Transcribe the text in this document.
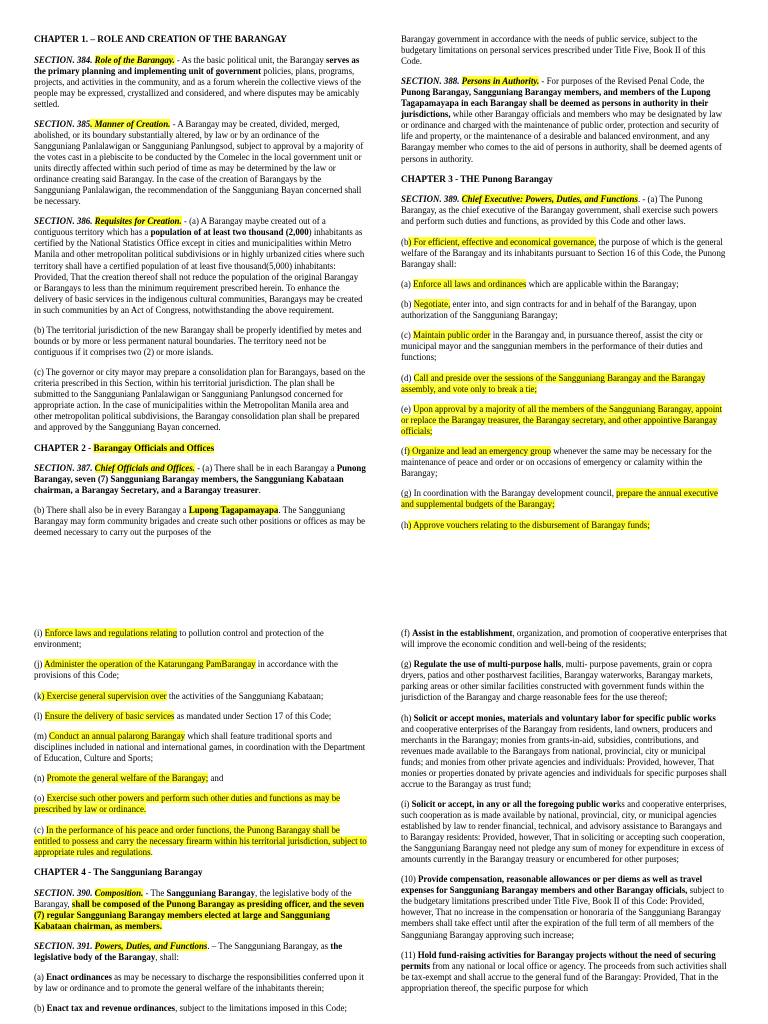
CHAPTER 1. – ROLE AND CREATION OF THE BARANGAY
SECTION. 384. Role of the Barangay. - As the basic political unit, the Barangay serves as the primary planning and implementing unit of government policies, plans, programs, projects, and activities in the community, and as a forum wherein the collective views of the people may be expressed, crystallized and considered, and where disputes may be amicably settled.
SECTION. 385. Manner of Creation. - A Barangay may be created, divided, merged, abolished, or its boundary substantially altered, by law or by an ordinance of the Sangguniang Panlalawigan or Sangguniang Panlungsod, subject to approval by a majority of the votes cast in a plebiscite to be conducted by the Comelec in the local government unit or units directly affected within such period of time as may be determined by the law or ordinance creating said Barangay. In the case of the creation of Barangays by the Sangguniang Panlalawigan, the recommendation of the Sangguniang Bayan concerned shall be necessary.
SECTION. 386. Requisites for Creation. - (a) A Barangay maybe created out of a contiguous territory which has a population of at least two thousand (2,000) inhabitants as certified by the National Statistics Office except in cities and municipalities within Metro Manila and other metropolitan political subdivisions or in highly urbanized cities where such territory shall have a certified population of at least five thousand(5,000) inhabitants: Provided, That the creation thereof shall not reduce the population of the original Barangay or Barangays to less than the minimum requirement prescribed herein. To enhance the delivery of basic services in the indigenous cultural communities, Barangays may be created in such communities by an Act of Congress, notwithstanding the above requirement.
(b) The territorial jurisdiction of the new Barangay shall be properly identified by metes and bounds or by more or less permanent natural boundaries. The territory need not be contiguous if it comprises two (2) or more islands.
(c) The governor or city mayor may prepare a consolidation plan for Barangays, based on the criteria prescribed in this Section, within his territorial jurisdiction. The plan shall be submitted to the Sangguniang Panlalawigan or Sangguniang Panlungsod concerned for appropriate action. In the case of municipalities within the Metropolitan Manila area and other metropolitan political subdivisions, the Barangay consolidation plan shall be prepared and approved by the Sangguniang Bayan concerned.
CHAPTER 2 - Barangay Officials and Offices
SECTION. 387. Chief Officials and Offices. - (a) There shall be in each Barangay a Punong Barangay, seven (7) Sangguniang Barangay members, the Sangguniang Kabataan chairman, a Barangay Secretary, and a Barangay treasurer.
(b) There shall also be in every Barangay a Lupong Tagapamayapa. The Sangguniang Barangay may form community brigades and create such other positions or offices as may be deemed necessary to carry out the purposes of the
Barangay government in accordance with the needs of public service, subject to the budgetary limitations on personal services prescribed under Title Five, Book II of this Code.
SECTION. 388. Persons in Authority. - For purposes of the Revised Penal Code, the Punong Barangay, Sangguniang Barangay members, and members of the Lupong Tagapamayapa in each Barangay shall be deemed as persons in authority in their jurisdictions, while other Barangay officials and members who may be designated by law or ordinance and charged with the maintenance of public order, protection and security of life and property, or the maintenance of a desirable and balanced environment, and any Barangay member who comes to the aid of persons in authority, shall be deemed agents of persons in authority.
CHAPTER 3 - THE Punong Barangay
SECTION. 389. Chief Executive: Powers, Duties, and Functions. - (a) The Punong Barangay, as the chief executive of the Barangay government, shall exercise such powers and perform such duties and functions, as provided by this Code and other laws.
(b) For efficient, effective and economical governance, the purpose of which is the general welfare of the Barangay and its inhabitants pursuant to Section 16 of this Code, the Punong Barangay shall:
(a) Enforce all laws and ordinances which are applicable within the Barangay;
(b) Negotiate, enter into, and sign contracts for and in behalf of the Barangay, upon authorization of the Sangguniang Barangay;
(c) Maintain public order in the Barangay and, in pursuance thereof, assist the city or municipal mayor and the sanggunian members in the performance of their duties and functions;
(d) Call and preside over the sessions of the Sangguniang Barangay and the Barangay assembly, and vote only to break a tie;
(e) Upon approval by a majority of all the members of the Sangguniang Barangay, appoint or replace the Barangay treasurer, the Barangay secretary, and other appointive Barangay officials;
(f) Organize and lead an emergency group whenever the same may be necessary for the maintenance of peace and order or on occasions of emergency or calamity within the Barangay;
(g) In coordination with the Barangay development council, prepare the annual executive and supplemental budgets of the Barangay;
(h) Approve vouchers relating to the disbursement of Barangay funds;
(i) Enforce laws and regulations relating to pollution control and protection of the environment;
(j) Administer the operation of the Katarungang PamBarangay in accordance with the provisions of this Code;
(k) Exercise general supervision over the activities of the Sangguniang Kabataan;
(l) Ensure the delivery of basic services as mandated under Section 17 of this Code;
(m) Conduct an annual palarong Barangay which shall feature traditional sports and disciplines included in national and international games, in coordination with the Department of Education, Culture and Sports;
(n) Promote the general welfare of the Barangay; and
(o) Exercise such other powers and perform such other duties and functions as may be prescribed by law or ordinance.
(c) In the performance of his peace and order functions, the Punong Barangay shall be entitled to possess and carry the necessary firearm within his territorial jurisdiction, subject to appropriate rules and regulations.
CHAPTER 4 - The Sangguniang Barangay
SECTION. 390. Composition. - The Sangguniang Barangay, the legislative body of the Barangay, shall be composed of the Punong Barangay as presiding officer, and the seven (7) regular Sangguniang Barangay members elected at large and Sangguniang Kabataan chairman, as members.
SECTION. 391. Powers, Duties, and Functions. – The Sangguniang Barangay, as the legislative body of the Barangay, shall:
(a) Enact ordinances as may be necessary to discharge the responsibilities conferred upon it by law or ordinance and to promote the general welfare of the inhabitants therein;
(b) Enact tax and revenue ordinances, subject to the limitations imposed in this Code;
(f) Assist in the establishment, organization, and promotion of cooperative enterprises that will improve the economic condition and well-being of the residents;
(g) Regulate the use of multi-purpose halls, multi- purpose pavements, grain or copra dryers, patios and other postharvest facilities, Barangay waterworks, Barangay markets, parking areas or other similar facilities constructed with government funds within the jurisdiction of the Barangay and charge reasonable fees for the use thereof;
(h) Solicit or accept monies, materials and voluntary labor for specific public works and cooperative enterprises of the Barangay from residents, land owners, producers and merchants in the Barangay; monies from grants-in-aid, subsidies, contributions, and revenues made available to the Barangays from national, provincial, city or municipal funds; and monies from other private agencies and individuals: Provided, however, That monies or properties donated by private agencies and individuals for specific purposes shall accrue to the Barangay as trust fund;
(i) Solicit or accept, in any or all the foregoing public works and cooperative enterprises, such cooperation as is made available by national, provincial, city, or municipal agencies established by law to render financial, technical, and advisory assistance to Barangays and to Barangay residents: Provided, however, That in soliciting or accepting such cooperation, the Sangguniang Barangay need not pledge any sum of money for expenditure in excess of amounts currently in the Barangay treasury or encumbered for other purposes;
(10) Provide compensation, reasonable allowances or per diems as well as travel expenses for Sangguniang Barangay members and other Barangay officials, subject to the budgetary limitations prescribed under Title Five, Book II of this Code: Provided, however, That no increase in the compensation or honoraria of the Sangguniang Barangay members shall take effect until after the expiration of the full term of all members of the Sangguniang Barangay approving such increase;
(11) Hold fund-raising activities for Barangay projects without the need of securing permits from any national or local office or agency. The proceeds from such activities shall be tax-exempt and shall accrue to the general fund of the Barangay: Provided, That in the appropriation thereof, the specific purpose for which
